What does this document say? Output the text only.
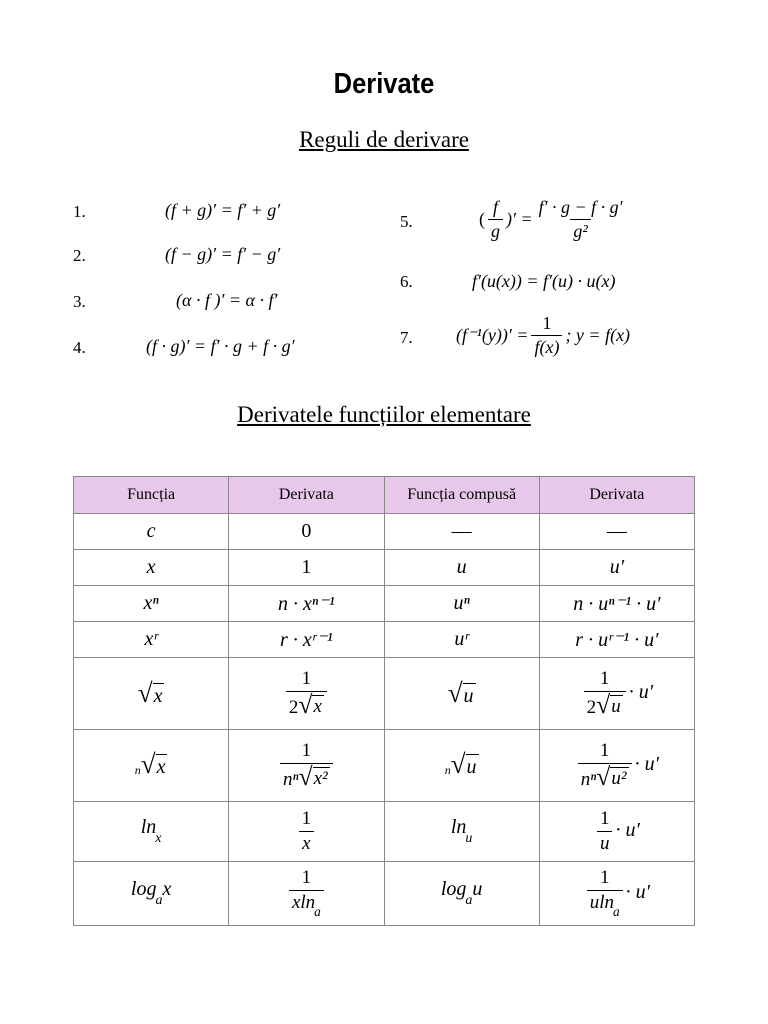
Derivate
Reguli de derivare
1.
2.
3.
4.
5.
6.
7.
(f + g)′ = f′ + g′
(f − g)′ = f′ − g′
(α · f )′ = α · f′
(f · g)′ = f′ · g + f · g′
( $\frac{f}{g}$ )′ = $\frac{f' \cdot g - f \cdot g'}{\text{g²}}$
f′(u(x)) = f′(u) · u(x)
$(f^{-1}(y))' = \frac{1}{f(x)}$ ; y = f(x)
Derivatele funcțiilor elementare
Funcția	Derivata	Funcția compusă	Derivata
c	0	—	—
x	1	u	u′
xⁿ	n · xⁿ⁻¹	uⁿ	n · uⁿ⁻¹ · u′
xʳ	r · xʳ⁻¹	uʳ	r · uʳ⁻¹ · u′

√ x	$\frac{1}{2 √ x}$	√ u	$\frac{1}{2 √ u} \cdot u'$

n √ x	$\frac{1}{\text{nⁿ √ x²}}$	n √ u	$\frac{1}{\text{nⁿ √ u²}} \cdot u'$
$\ln_x$	$\frac{1}{x}$	$\ln_u$	$\frac{1}{u} \cdot u'$
$\log_ax$	$\frac{1}{xln_a}$	$\log_au$	$\frac{1}{uln_a} \cdot u'$
